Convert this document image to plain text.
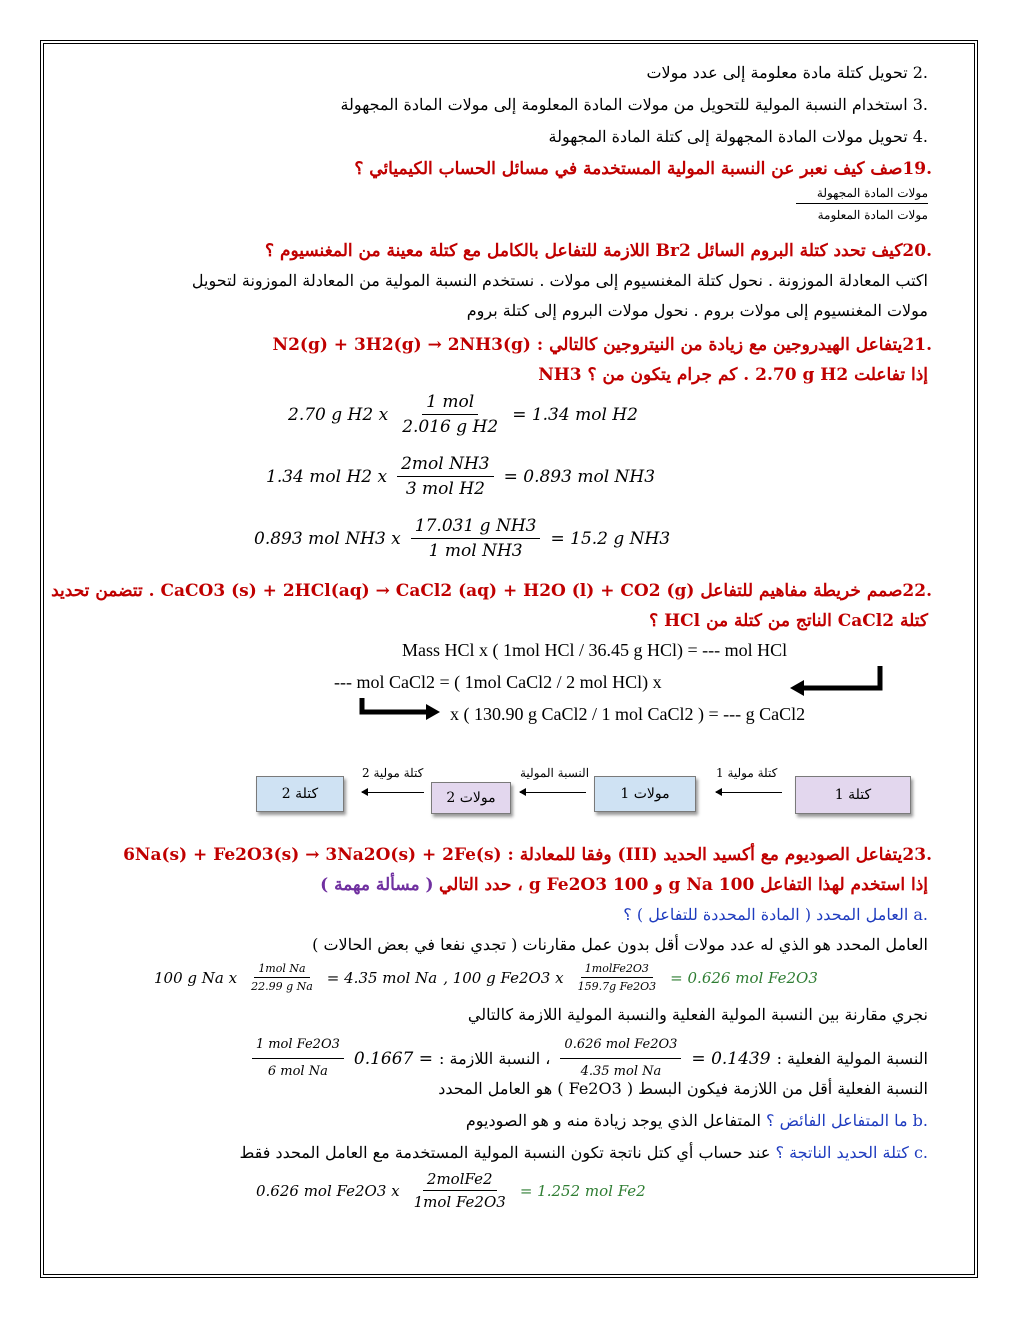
2. تحويل كتلة مادة معلومة إلى عدد مولات
3. استخدام النسبة المولية للتحويل من مولات المادة المعلومة إلى مولات المادة المجهولة
4. تحويل مولات المادة المجهولة إلى كتلة المادة المجهولة
19.صف كيف نعبر عن النسبة المولية المستخدمة في مسائل الحساب الكيميائي ؟
مولات المادة المجهولة
مولات المادة المعلومة
20.كيف تحدد كتلة البروم السائل Br2 اللازمة للتفاعل بالكامل مع كتلة معينة من المغنسيوم ؟
اكتب المعادلة الموزونة . نحول كتلة المغنسيوم إلى مولات . نستخدم النسبة المولية من المعادلة الموزونة لتحويل
مولات المغنسيوم إلى مولات بروم . نحول مولات البروم إلى كتلة بروم
21.يتفاعل الهيدروجين مع زيادة من النيتروجين كالتالي : N2(g) + 3H2(g) → 2NH3(g)
إذا تفاعلت 2.70 g H2 . كم جرام يتكون من NH3 ؟
2.70 g H2 x $\frac{\text{1 mol}}{\text{2.016 g H2}} = 1.34$ mol H2
1.34 mol H2 x $\frac{\text{2mol NH3}}{\text{3 mol H2}} = 0.893$ mol NH3
0.893 mol NH3 x $\frac{\text{17.031 g NH3}}{\text{1 mol NH3}} = 15.2$ g NH3
22.صمم خريطة مفاهيم للتفاعل CaCO3 (s) + 2HCl(aq) → CaCl2 (aq) + H2O (l) + CO2 (g) . تتضمن تحديد
كتلة CaCl2 الناتج من كتلة من HCl ؟
Mass HCl x ( 1mol HCl / 36.45 g HCl) = --- mol HCl
--- mol CaCl2 = ( 1mol CaCl2 / 2 mol HCl) x
x ( 130.90 g CaCl2 / 1 mol CaCl2 ) = --- g CaCl2
كتلة 1
مولات 1
مولات 2
كتلة 2
كتلة مولية 1
النسبة المولية
كتلة مولية 2
23.يتفاعل الصوديوم مع أكسيد الحديد (III) وفقا للمعادلة : 6Na(s) + Fe2O3(s) → 3Na2O(s) + 2Fe(s)
إذا استخدم لهذا التفاعل 100 g Na و 100 g Fe2O3 ، حدد التالي ( مسألة مهمة )
a. العامل المحدد ( المادة المحددة للتفاعل ) ؟
العامل المحدد هو الذي له عدد مولات أقل بدون عمل مقارنات ( تجدي نفعا في بعض الحالات )
100 g Na x $\frac{\text{1mol Na}}{\text{22.99 g Na}} = 4.35$ mol Na , 100 g Fe2O3 x $\frac{\text{1molFe2O3}}{\text{159.7g Fe2O3}} = 0.626$ mol Fe2O3
نجري مقارنة بين النسبة المولية الفعلية والنسبة المولية اللازمة كالتالي
النسبة المولية الفعلية :
= 0.1439
$\frac{\text{0.626 mol Fe2O3}}{\text{4.35 mol Na}}$
، النسبة اللازمة :
0.1667 =
$\frac{\text{1 mol Fe2O3}}{\text{6 mol Na}}$
النسبة الفعلية أقل من اللازمة فيكون البسط ( Fe2O3 ) هو العامل المحدد
b. ما المتفاعل الفائض ؟ المتفاعل الذي يوجد زيادة منه و هو الصوديوم
c. كتلة الحديد الناتجة ؟ عند حساب أي كتل ناتجة تكون النسبة المولية المستخدمة مع العامل المحدد فقط
0.626 mol Fe2O3 x $\frac{\text{2molFe2}}{\text{1mol Fe2O3}} = 1.252$ mol Fe2
